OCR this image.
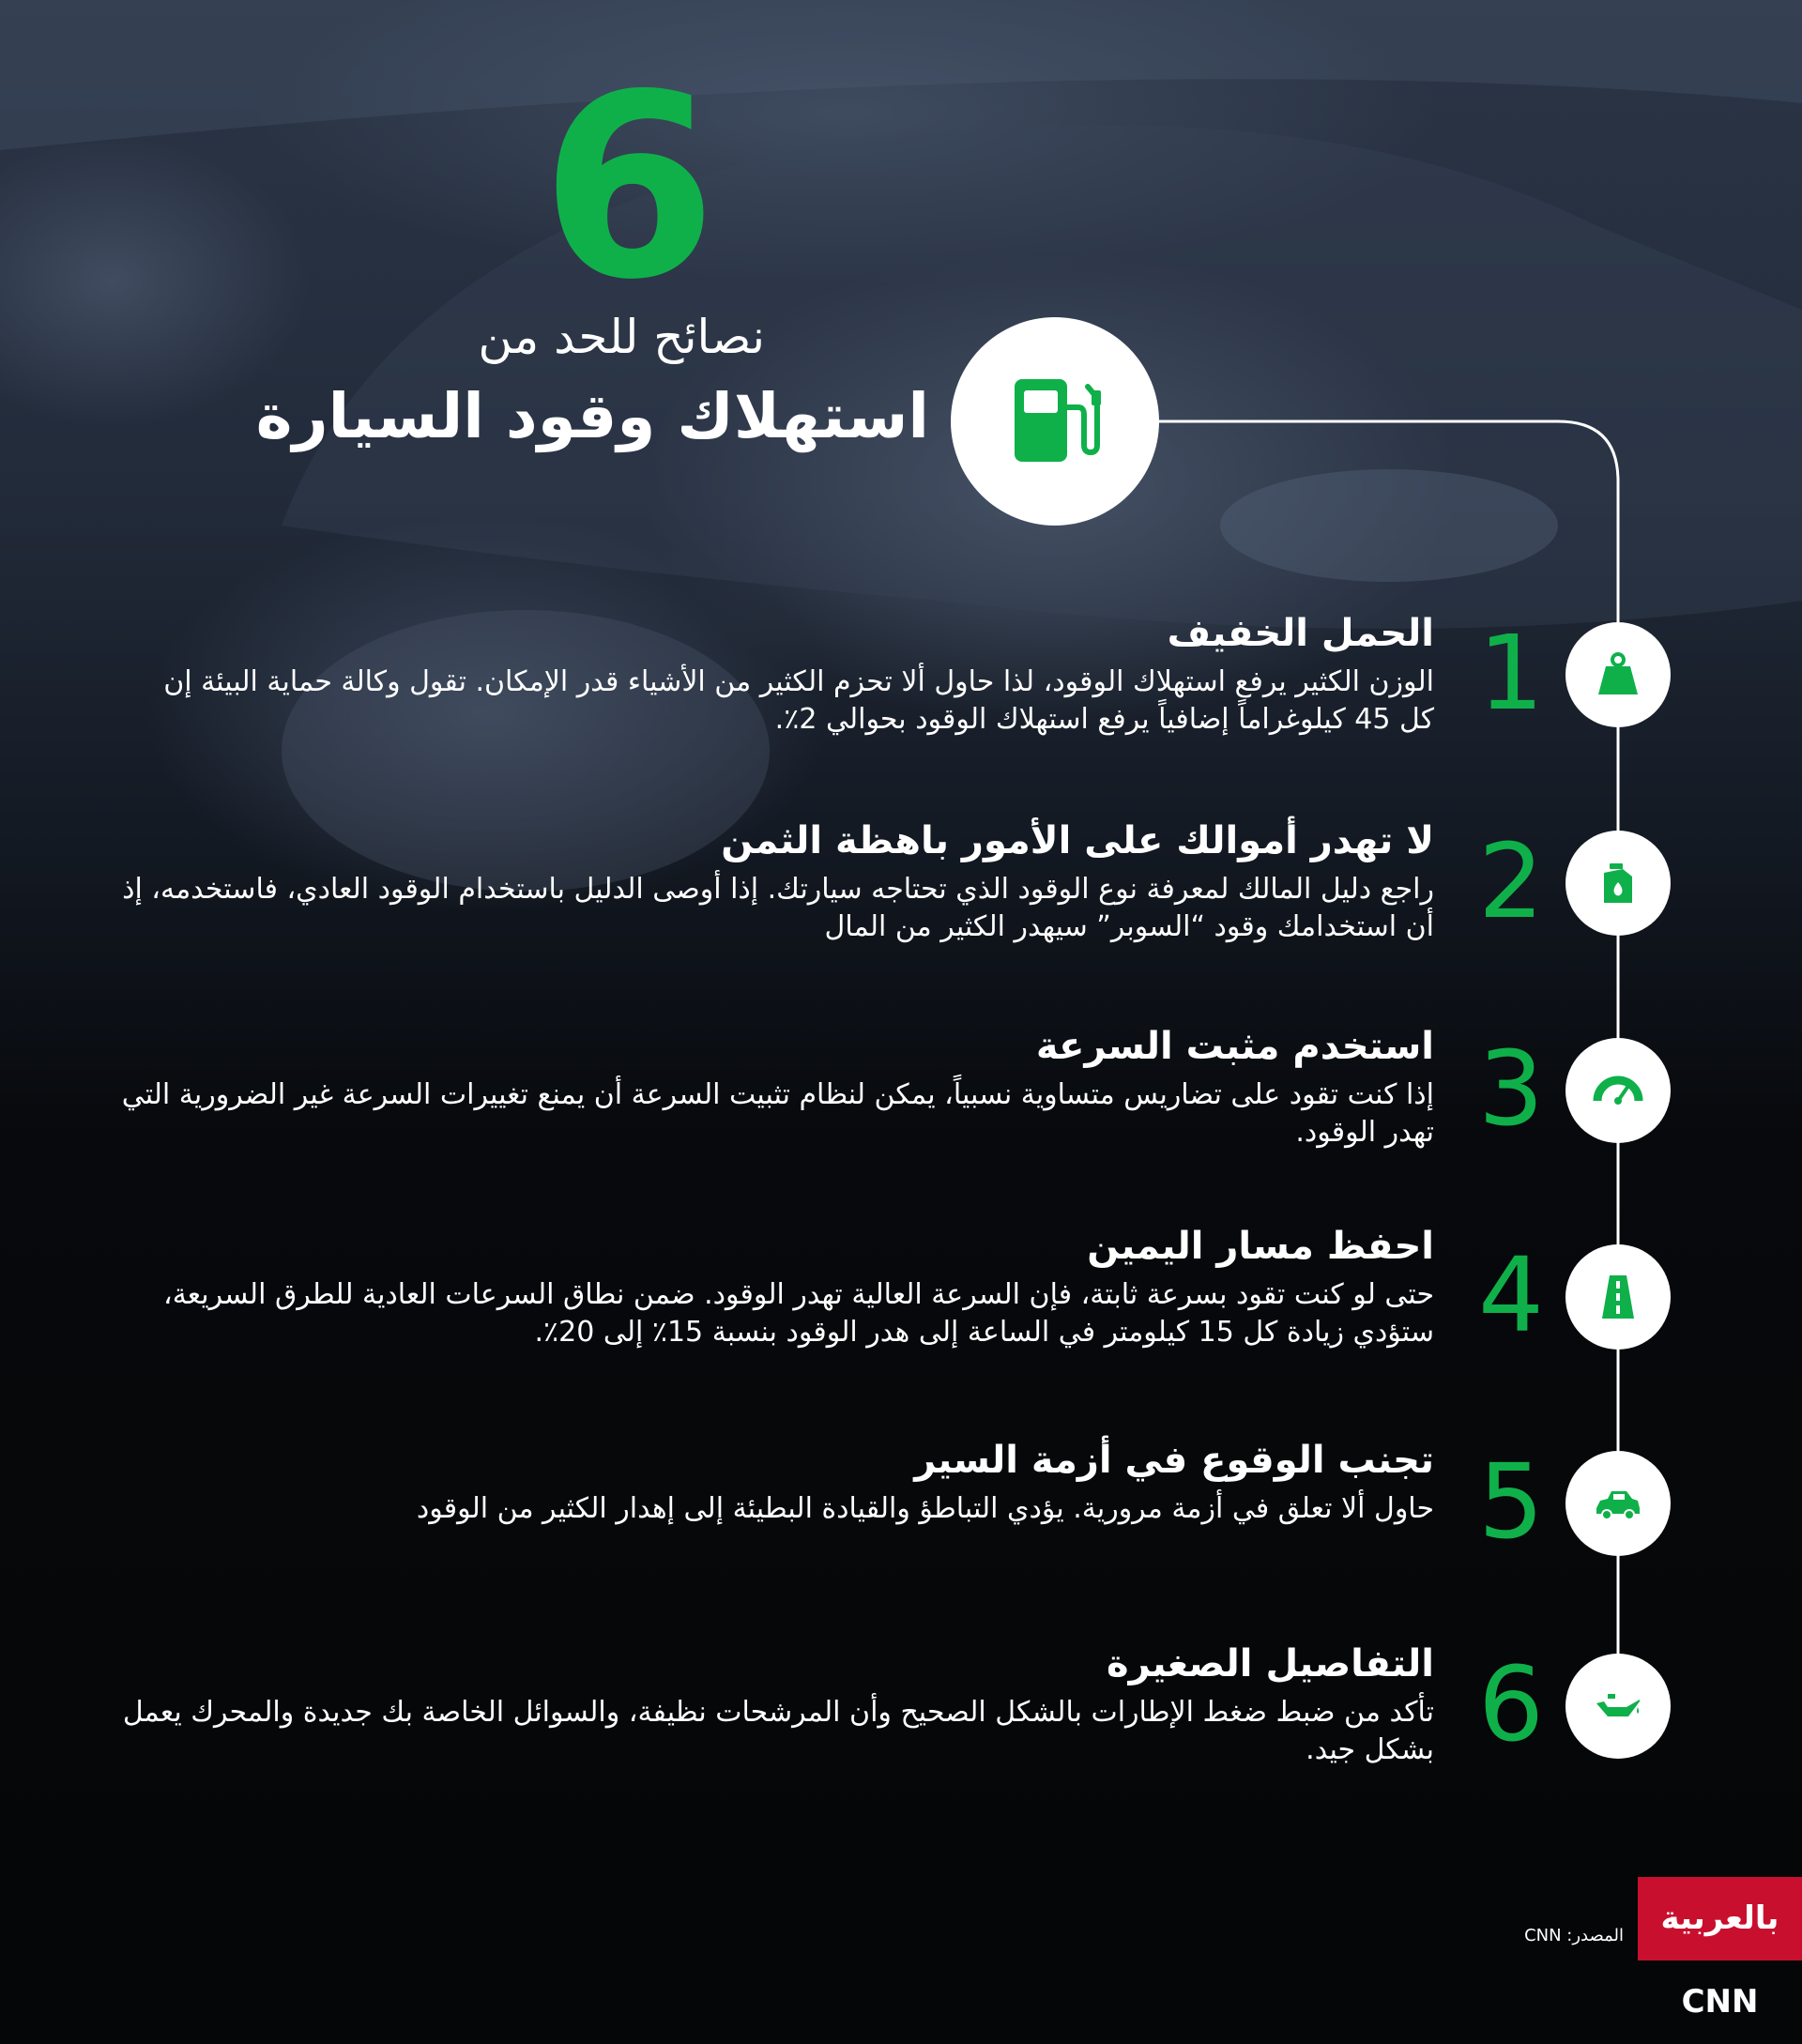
6
نصائح للحد من
استهلاك وقود السيارة
1
الحمل الخفيف
الوزن الكثير يرفع استهلاك الوقود، لذا حاول ألا تحزم الكثير من الأشياء قدر الإمكان. تقول وكالة حماية البيئة إن كل 45 كيلوغراماً إضافياً يرفع استهلاك الوقود بحوالي 2٪.
2
لا تهدر أموالك على الأمور باهظة الثمن
راجع دليل المالك لمعرفة نوع الوقود الذي تحتاجه سيارتك. إذا أوصى الدليل باستخدام الوقود العادي، فاستخدمه، إذ أن استخدامك وقود “السوبر” سيهدر الكثير من المال
3
استخدم مثبت السرعة
إذا كنت تقود على تضاريس متساوية نسبياً، يمكن لنظام تثبيت السرعة أن يمنع تغييرات السرعة غير الضرورية التي تهدر الوقود.
4
احفظ مسار اليمين
حتى لو كنت تقود بسرعة ثابتة، فإن السرعة العالية تهدر الوقود. ضمن نطاق السرعات العادية للطرق السريعة، ستؤدي زيادة كل 15 كيلومتر في الساعة إلى هدر الوقود بنسبة 15٪ إلى 20٪.
5
تجنب الوقوع في أزمة السير
حاول ألا تعلق في أزمة مرورية. يؤدي التباطؤ والقيادة البطيئة إلى إهدار الكثير من الوقود
6
التفاصيل الصغيرة
تأكد من ضبط ضغط الإطارات بالشكل الصحيح وأن المرشحات نظيفة، والسوائل الخاصة بك جديدة والمحرك يعمل بشكل جيد.
المصدر: CNN	بالعربية CNN
